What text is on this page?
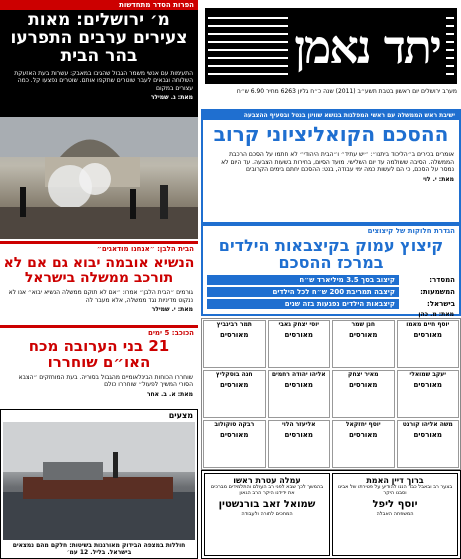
יתד נאמן
מערב ירושלים יום ראשון בטבת תשע״ב (2011) שנה כ״ח גליון 6263 מחיר 6.90 ש״ח
הפרות הסדר מתחדשות
מ׳ ירושלים: מאות צעירים ערבים התפרעו בהר הבית
התעימות עם אנשי משמר הגבול שהגיבו במאבק: עשרות בעת האזעקת השלוחה וגבאים לעבר שוטרים שתקפו אותם. שוטרים נפצעו קל. כמה עצורים במקום
מאת: ג. שמילר
הבית הלבן: ״אנחנו מודאגים״
הנשיא אובמה יבוא גם אם לא תורכב ממשלה בישראל
גורמים ״הבית הלבן״ אמרו: ״אם לא תוקם ממשלה הנשיא יבוא״ אנו לא ננקוט מדיניות נגד ממשלה, אלא מעבר לה
מאת: י. שמילר
הכוכב: 5 ימים
21 בני הערובה מכח האו״ם שוחררו
שוחררו הכוחות הבינלאומיים מהגבול בסוריה. בעת המוחזקים ״הצבא הסורי המשיך לפעול״ שוחררו כולם
מאת: א. ב. אחר
מצעים
חוללות במצפה הבידוק מאורגנות בשיטות: חלקם מהם נמצאים בישראל. בליל. 12 עמ׳
ישיבת ראש הממשלה עם ראשי המפלגות בנושא שוויון בנטל ובסעיף ההצבעה
ההסכם הקואליציוני קרוב
אומרים בכירים ב״הליכוד ביתנו״: ״יש עתיד״ ו״הבית היהודי״ לא חתמו על הסכם הרכבת הממשלה. הסיבה ששולמה עד יום השלישי. מועד הסיום, בחירות בשעות הצבעה. עד היום לא נמסר על הסכם, כי הם לעשות כמה ימי עבודה, בנט: ההסכם יחתם בימים הקרובים
מאת: י. לוי
הגדרת חלוקות של קיצוצים
קיצוץ עמוק בקיצבאות הילדים במרכז ההסכם
המסדר:
קיצוב בסך 3.5 מיליארד ש״ח
המשמעות:
קיצבה תמריבת 200 ש״ח לכל הילדים
בישראל:
קיצבאות הילדים נפגעות בזה שנים
מאת: מ. כהן
יוסף חיים מאמו
מאורסים
חנן שמר
מאורסים
יוסי יצחק גאבי
מאורסים
תמר רבינביץ
מאורסים
יעקב שמואלי
מאורסים
מאיר יצחק
מאורסים
אליהו יהודה רחמים
מאורסים
חנה בוסקליץ
מאורסים
משה אליהו קורנט
מאורסים
יוסף יחזקאל
מאורסים
אליעזר הלוי
מאורסים
רבקה סוקולוב
מאורסים
עמלה עטרת ראשו
בהמשך לכך שבא לפני רב העולם והתלמידים מברכים את ידידנו היקר הרב הגאון
שמואל זאב בורנשטין
המחכים לתורה ולעבודה
ברוך דיין האמת
בצער רב ובאבל כבד הננו להודיע על פטירתו של אבינו וסבנו היקר
יוסף ליפל
המשפחה האבלה
